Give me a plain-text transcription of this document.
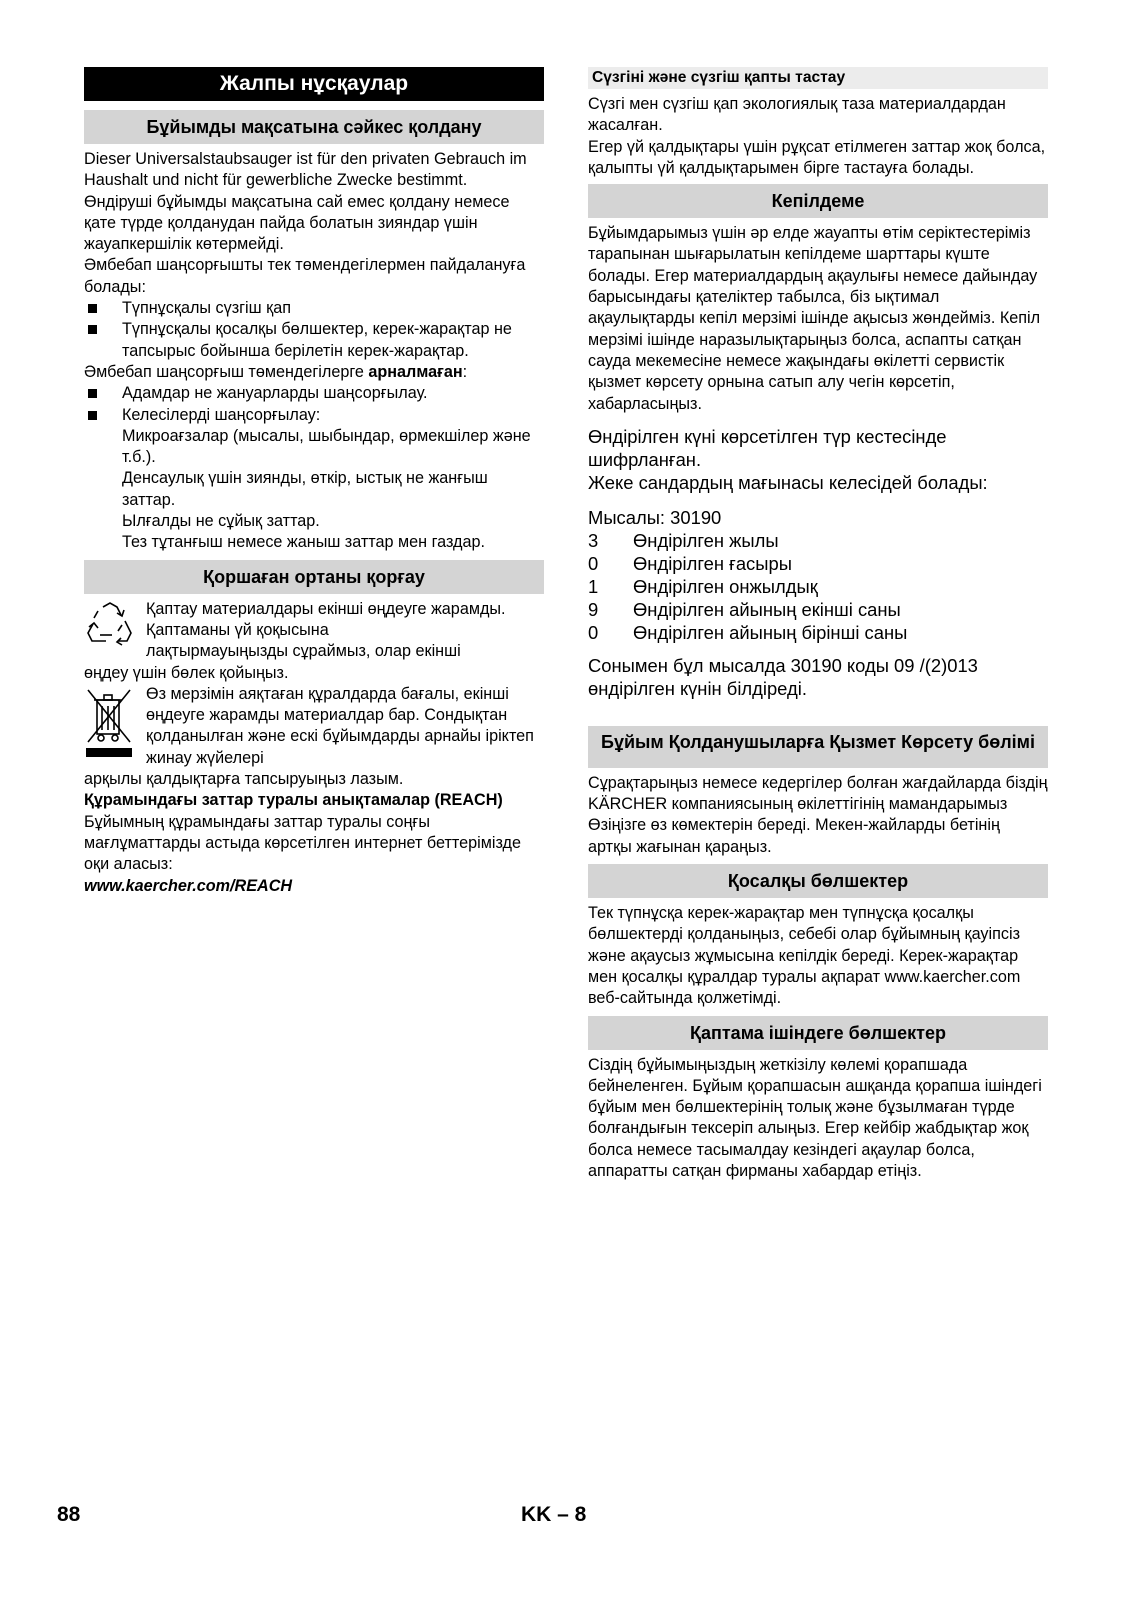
Жалпы нұсқаулар
Бұйымды мақсатына сәйкес қолдану

Dieser Universalstaubsauger ist für den privaten Gebrauch im Haushalt und nicht für gewerbliche Zwecke bestimmt.

Өндіруші бұйымды мақсатына сай емес қолдану немесе қате түрде қолданудан пайда болатын зияндар үшін жауапкершілік көтермейді.

Әмбебап шаңсорғышты тек төмендегілермен пайдалануға болады:

Түпнұсқалы сүзгіш қап

Түпнұсқалы қосалқы бөлшектер, керек-жарақтар не тапсырыс бойынша берілетін керек-жарақтар.

Әмбебап шаңсорғыш төмендегілерге арналмаған:

Адамдар не жануарларды шаңсорғылау.

Келесілерді шаңсорғылау:

Микроағзалар (мысалы, шыбындар, өрмекшілер және т.б.).

Денсаулық үшін зиянды, өткір, ыстық не жанғыш заттар.

Ылғалды не сұйық заттар.

Тез тұтанғыш немесе жаныш заттар мен газдар.

Қоршаған ортаны қорғау

Қаптау материалдары екінші өңдеуге жарамды. Қаптаманы үй қоқысына

лақтырмауыңызды сұраймыз, олар екінші

өңдеу үшін бөлек қойыңыз.

Өз мерзімін аяқтаған құралдарда бағалы, екінші өңдеуге жарамды материалдар бар. Сондықтан қолданылған және ескі бұйымдарды арнайы іріктеп жинау жүйелері

арқылы қалдықтарға тапсыруыңыз лазым.

Құрамындағы заттар туралы анықтамалар (REACH)

Бұйымның құрамындағы заттар туралы соңғы мағлұматтарды астыда көрсетілген интернет беттерімізде оқи аласыз:

www.kaercher.com/REACH

Сүзгіні және сүзгіш қапты тастау

Сүзгі мен сүзгіш қап экологиялық таза материалдардан жасалған.

Егер үй қалдықтары үшін рұқсат етілмеген заттар жоқ болса, қалыпты үй қалдықтарымен бірге тастауға болады.

Кепілдеме

Бұйымдарымыз үшін әр елде жауапты өтім серіктестеріміз тарапынан шығарылатын кепілдеме шарттары күште болады. Егер материалдардың ақаулығы немесе дайындау барысындағы қателіктер табылса, біз ықтимал ақаулықтарды кепіл мерзімі ішінде ақысыз жөндейміз. Кепіл мерзімі ішінде наразылықтарыңыз болса, аспапты сатқан сауда мекемесіне немесе жақындағы өкілетті сервистік қызмет көрсету орнына сатып алу чегін көрсетіп, хабарласыңыз.

Өндірілген күні көрсетілген түр кестесінде шифрланған.

Жеке сандардың мағынасы келесідей болады:

Мысалы: 30190

3	Өндірілген жылы
0	Өндірілген ғасыры
1	Өндірілген онжылдық
9	Өндірілген айының екінші саны
0	Өндірілген айының бірінші саны

Сонымен бұл мысалда 30190 коды 09 /(2)013 өндірілген күнін білдіреді.

Бұйым Қолданушыларға Қызмет Көрсету бөлімі

Сұрақтарыңыз немесе кедергілер болған жағдайларда біздің KÄRCHER компаниясының өкілеттігінің мамандарымыз Өзіңізге өз көмектерін береді. Мекен-жайларды бетінің артқы жағынан қараңыз.

Қосалқы бөлшектер

Тек түпнұсқа керек-жарақтар мен түпнұсқа қосалқы бөлшектерді қолданыңыз, себебі олар бұйымның қауіпсіз және ақаусыз жұмысына кепілдік береді. Керек-жарақтар мен қосалқы құралдар туралы ақпарат www.kaercher.com веб-сайтында қолжетімді.

Қаптама ішіндеге бөлшектер

Сіздің бұйымыңыздың жеткізілу көлемі қорапшада бейнеленген. Бұйым қорапшасын ашқанда қорапша ішіндегі бұйым мен бөлшектерінің толық және бұзылмаған түрде болғандығын тексеріп алыңыз. Егер кейбір жабдықтар жоқ болса немесе тасымалдау кезіндегі ақаулар болса, аппаратты сатқан фирманы хабардар етіңіз.

88	KK – 8
